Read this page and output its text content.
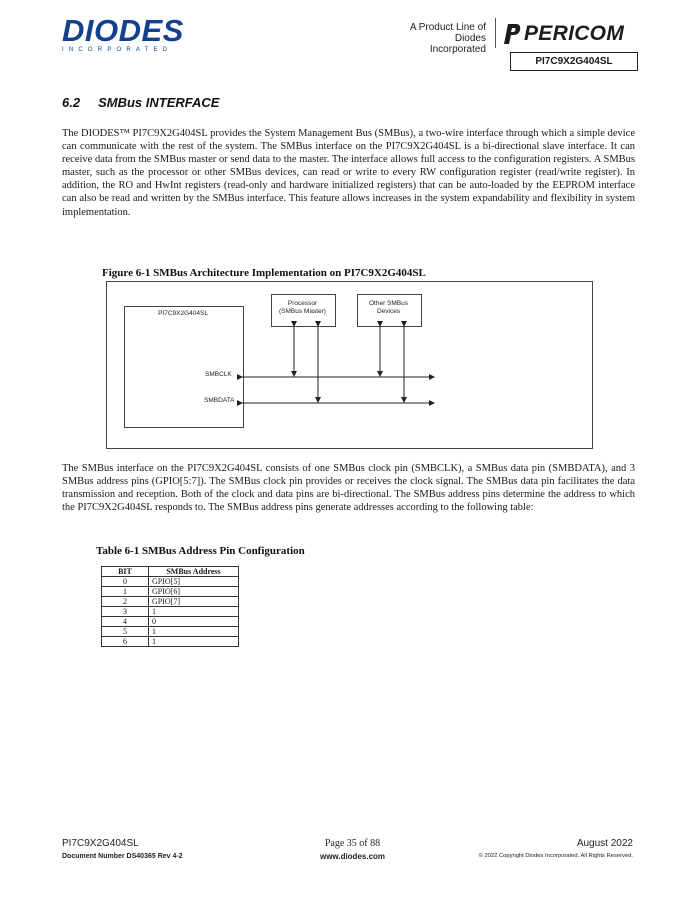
DIODES
INCORPORATED
A Product Line of
Diodes Incorporated
PERICOM
PI7C9X2G404SL
6.2 SMBus INTERFACE
The DIODES™ PI7C9X2G404SL provides the System Management Bus (SMBus), a two-wire interface through which a simple device can communicate with the rest of the system. The SMBus interface on the PI7C9X2G404SL is a bi-directional slave interface. It can receive data from the SMBus master or send data to the master. The interface allows full access to the configuration registers. A SMBus master, such as the processor or other SMBus devices, can read or write to every RW configuration register (read/write register). In addition, the RO and HwInt registers (read-only and hardware initialized registers) that can be auto-loaded by the EEPROM interface can also be read and written by the SMBus interface. This feature allows increases in the system expandability and flexibility in system implementation.
Figure 6-1 SMBus Architecture Implementation on PI7C9X2G404SL
PI7C9X2G404SL
Processor
(SMBus Master)
Other SMBus
Devices
SMBCLK
SMBDATA
The SMBus interface on the PI7C9X2G404SL consists of one SMBus clock pin (SMBCLK), a SMBus data pin (SMBDATA), and 3 SMBus address pins (GPIO[5:7]). The SMBus clock pin provides or receives the clock signal. The SMBus data pin facilitates the data transmission and reception. Both of the clock and data pins are bi-directional. The SMBus address pins determine the address to which the PI7C9X2G404SL responds to. The SMBus address pins generate addresses according to the following table:
Table 6-1 SMBus Address Pin Configuration
BIT	SMBus Address
0	GPIO[5]
1	GPIO[6]
2	GPIO[7]
3	1
4	0
5	1
6	1
PI7C9X2G404SL
Document Number DS40365 Rev 4-2
Page 35 of 88
www.diodes.com
August 2022
© 2022 Copyright Diodes Incorporated. All Rights Reserved.
